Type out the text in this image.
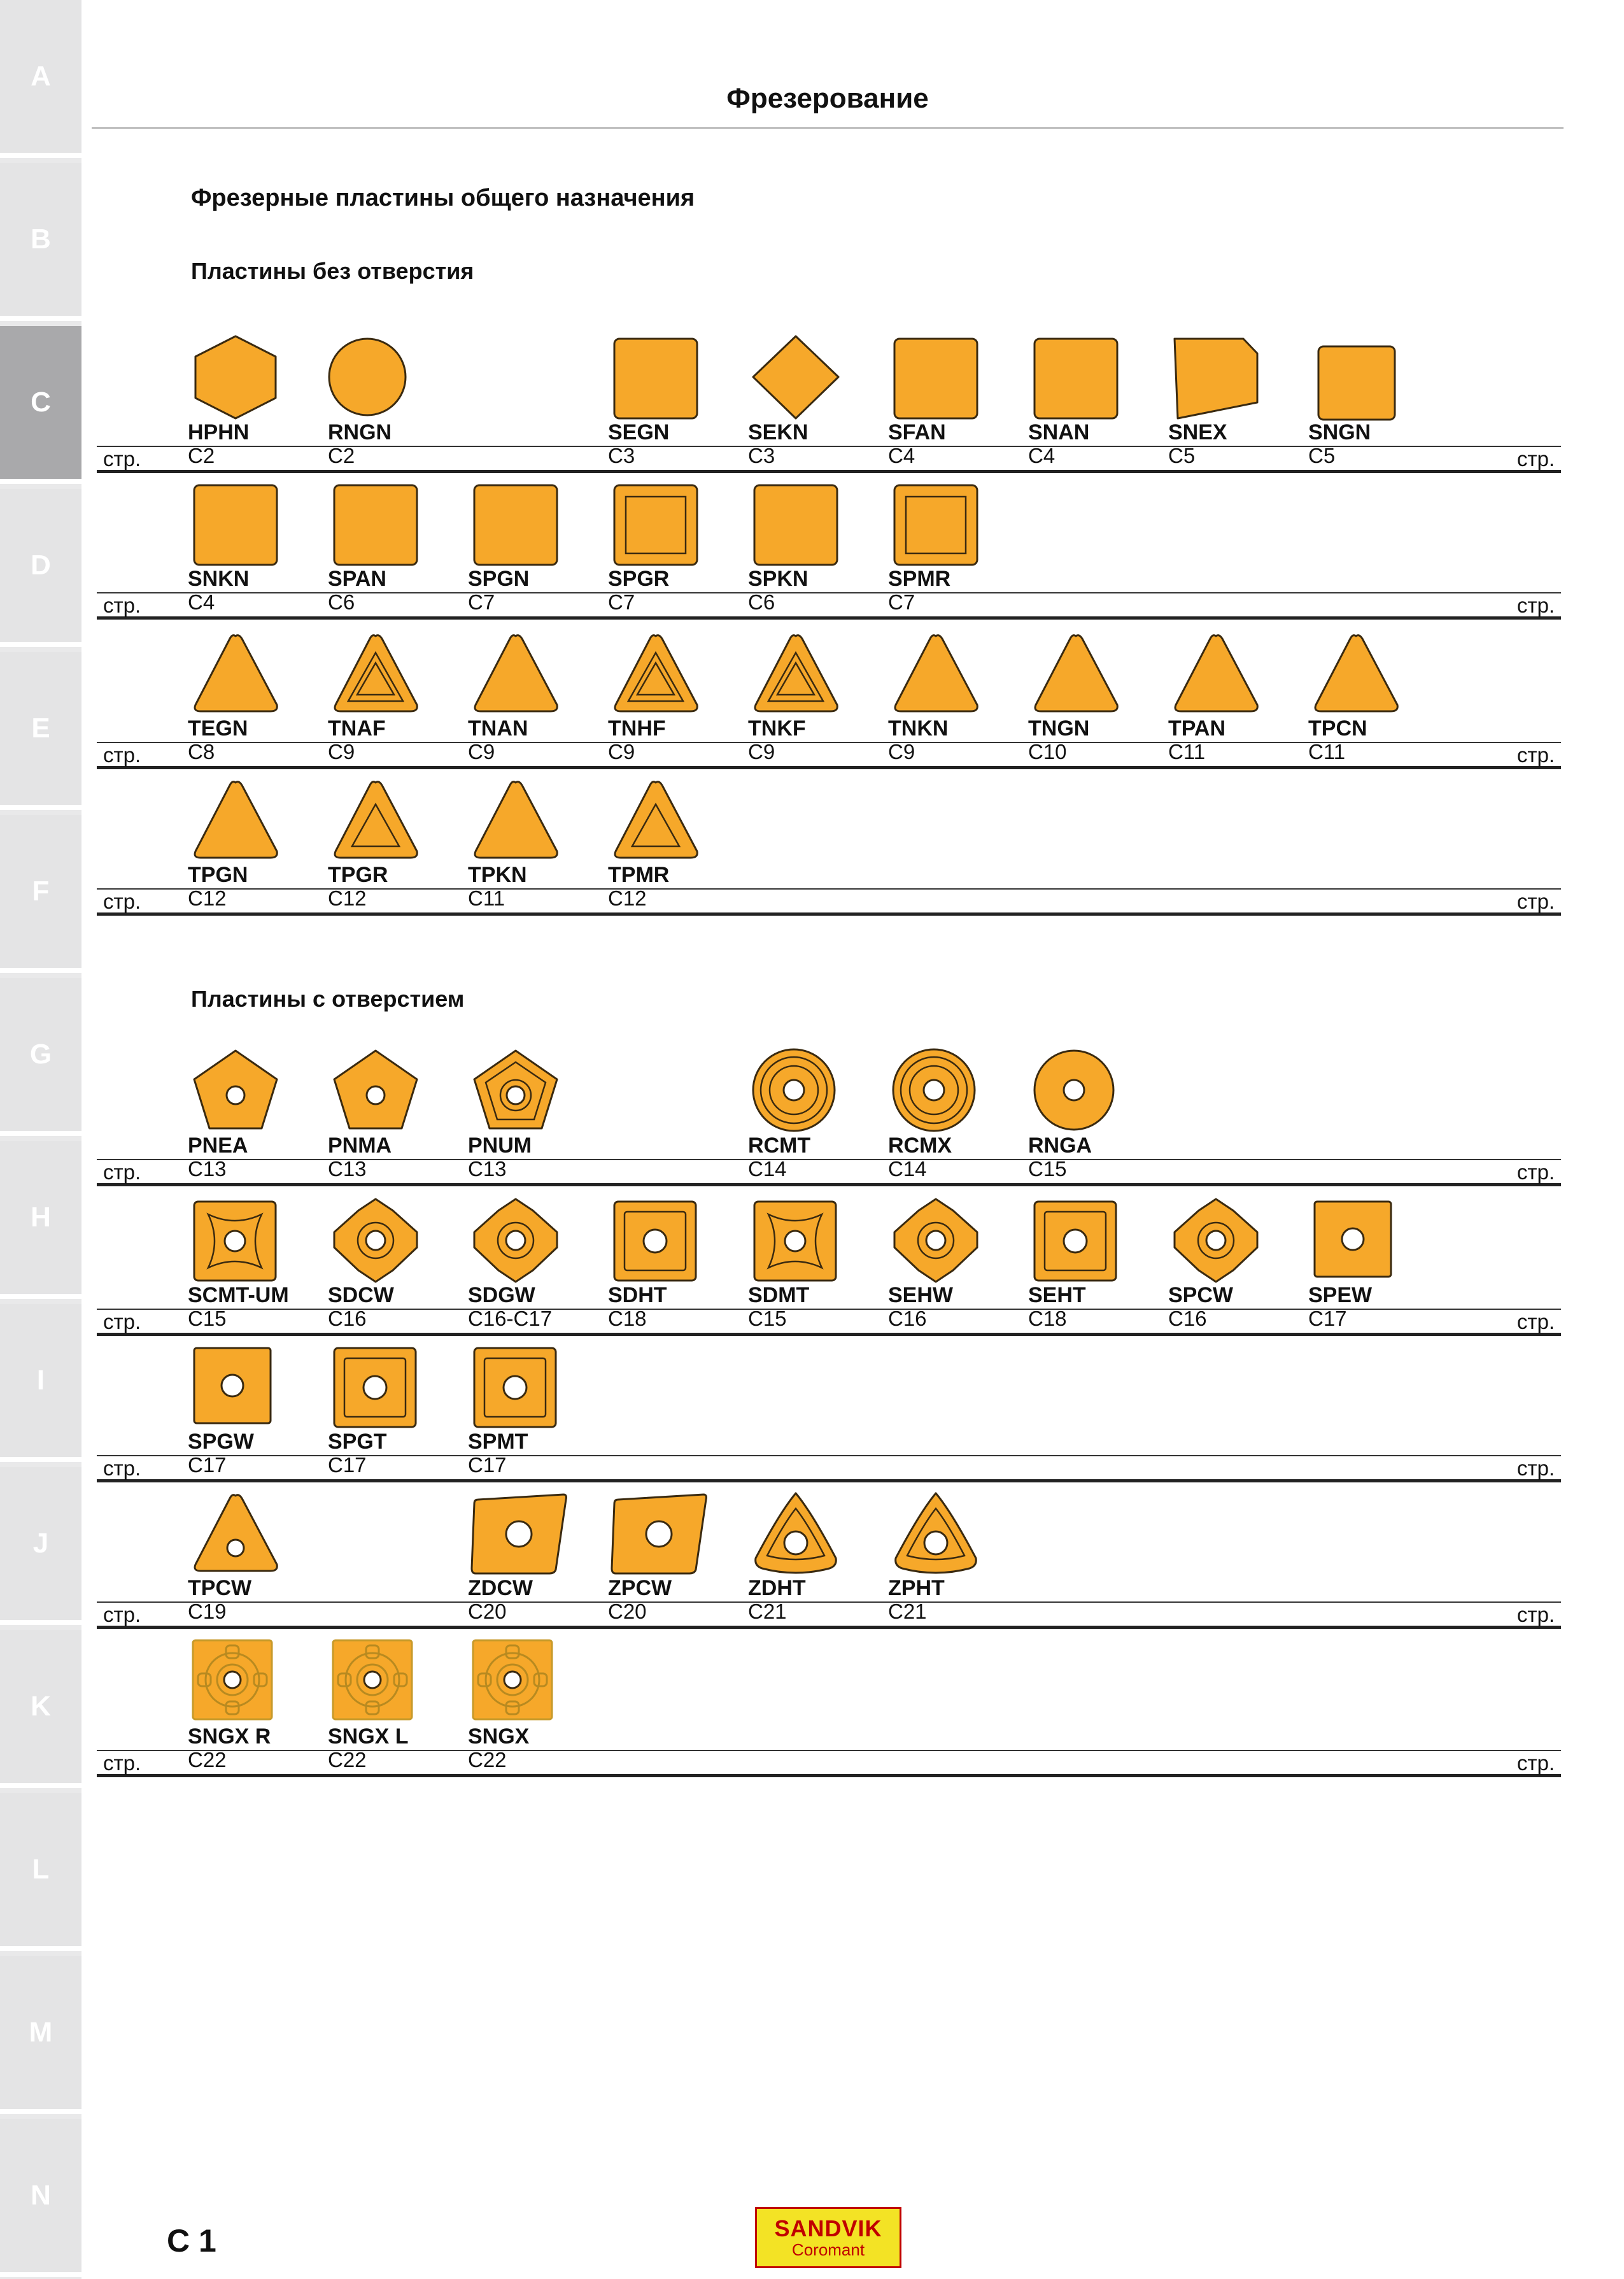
A
B
C
D
E
F
G
H
I
J
K
L
M
N
Фрезерование
Фрезерные пластины общего назначения
Пластины без отверстия
Пластины с отверстием
стр.	стр.
HPHN
C2
RNGN
C2
SEGN
C3
SEKN
C3
SFAN
C4
SNAN
C4
SNEX
C5
SNGN
C5
стр.	стр.
SNKN
C4
SPAN
C6
SPGN
C7
SPGR
C7
SPKN
C6
SPMR
C7
стр.	стр.
TEGN
C8
TNAF
C9
TNAN
C9
TNHF
C9
TNKF
C9
TNKN
C9
TNGN
C10
TPAN
C11
TPCN
C11
стр.	стр.
TPGN
C12
TPGR
C12
TPKN
C11
TPMR
C12
стр.	стр.
PNEA
C13
PNMA
C13
PNUM
C13
RCMT
C14
RCMX
C14
RNGA
C15
стр.	стр.
SCMT-UM
C15
SDCW
C16
SDGW
C16-C17
SDHT
C18
SDMT
C15
SEHW
C16
SEHT
C18
SPCW
C16
SPEW
C17
стр.	стр.
SPGW
C17
SPGT
C17
SPMT
C17
стр.	стр.
TPCW
C19
ZDCW
C20
ZPCW
C20
ZDHT
C21
ZPHT
C21
стр.	стр.
SNGX R
C22
SNGX L
C22
SNGX
C22
C 1	SANDVIK
Coromant
